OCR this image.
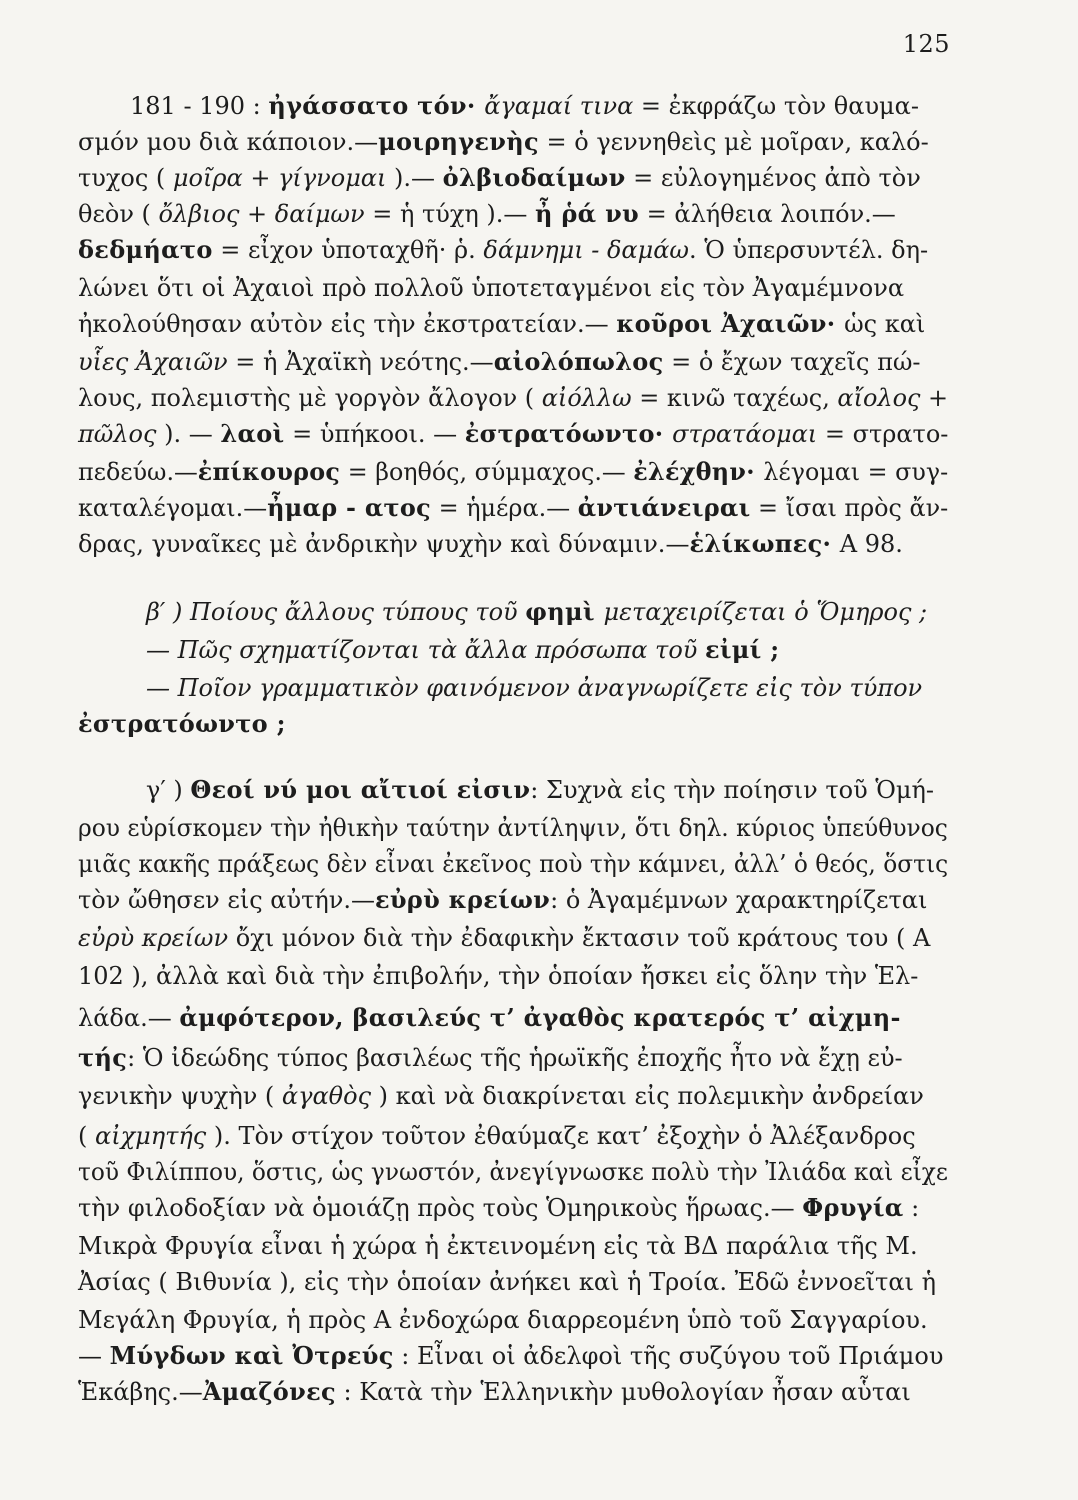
125
181 - 190 : ἠγάσσατο τόν· ἄγαμαί τινα = ἐκφράζω τὸν θαυμα-
σμόν μου διὰ κάποιον.—μοιρηγενὴς = ὁ γεννηθεὶς μὲ μοῖραν, καλό-
τυχος ( μοῖρα + γίγνομαι ).— ὀλβιοδαίμων = εὐλογημένος ἀπὸ τὸν
θεὸν ( ὄλβιος + δαίμων = ἡ τύχη ).— ἦ ῥά νυ = ἀλήθεια λοιπόν.—
δεδμήατο = εἶχον ὑποταχθῆ· ῥ. δάμνημι - δαμάω. Ὁ ὑπερσυντέλ. δη-
λώνει ὅτι οἱ Ἀχαιοὶ πρὸ πολλοῦ ὑποτεταγμένοι εἰς τὸν Ἀγαμέμνονα
ἠκολούθησαν αὐτὸν εἰς τὴν ἐκστρατείαν.— κοῦροι Ἀχαιῶν· ὡς καὶ
υἷες Ἀχαιῶν = ἡ Ἀχαϊκὴ νεότης.—αἰολόπωλος = ὁ ἔχων ταχεῖς πώ-
λους, πολεμιστὴς μὲ γοργὸν ἄλογον ( αἰόλλω = κινῶ ταχέως, αἴολος +
πῶλος ). — λαοὶ = ὑπήκοοι. — ἐστρατόωντο· στρατάομαι = στρατο-
πεδεύω.—ἐπίκουρος = βοηθός, σύμμαχος.— ἐλέχθην· λέγομαι = συγ-
καταλέγομαι.—ἦμαρ - ατος = ἡμέρα.— ἀντιάνειραι = ἴσαι πρὸς ἄν-
δρας, γυναῖκες μὲ ἀνδρικὴν ψυχὴν καὶ δύναμιν.—ἑλίκωπες· Α 98.
β′ ) Ποίους ἄλλους τύπους τοῦ φημὶ μεταχειρίζεται ὁ Ὅμηρος ;
— Πῶς σχηματίζονται τὰ ἄλλα πρόσωπα τοῦ εἰμί ;
— Ποῖον γραμματικὸν φαινόμενον ἀναγνωρίζετε εἰς τὸν τύπον
ἐστρατόωντο ;
γ′ ) Θεοί νύ μοι αἴτιοί εἰσιν: Συχνὰ εἰς τὴν ποίησιν τοῦ Ὁμή-
ρου εὑρίσκομεν τὴν ἠθικὴν ταύτην ἀντίληψιν, ὅτι δηλ. κύριος ὑπεύθυνος
μιᾶς κακῆς πράξεως δὲν εἶναι ἐκεῖνος ποὺ τὴν κάμνει, ἀλλ’ ὁ θεός, ὅστις
τὸν ὤθησεν εἰς αὐτήν.—εὐρὺ κρείων: ὁ Ἀγαμέμνων χαρακτηρίζεται
εὐρὺ κρείων ὄχι μόνον διὰ τὴν ἐδαφικὴν ἔκτασιν τοῦ κράτους του ( Α
102 ), ἀλλὰ καὶ διὰ τὴν ἐπιβολήν, τὴν ὁποίαν ἤσκει εἰς ὅλην τὴν Ἑλ-
λάδα.— ἀμφότερον, βασιλεύς τ’ ἀγαθὸς κρατερός τ’ αἰχμη-
τής: Ὁ ἰδεώδης τύπος βασιλέως τῆς ἡρωϊκῆς ἐποχῆς ἦτο νὰ ἔχῃ εὐ-
γενικὴν ψυχὴν ( ἀγαθὸς ) καὶ νὰ διακρίνεται εἰς πολεμικὴν ἀνδρείαν
( αἰχμητής ). Τὸν στίχον τοῦτον ἐθαύμαζε κατ’ ἐξοχὴν ὁ Ἀλέξανδρος
τοῦ Φιλίππου, ὅστις, ὡς γνωστόν, ἀνεγίγνωσκε πολὺ τὴν Ἰλιάδα καὶ εἶχε
τὴν φιλοδοξίαν νὰ ὁμοιάζῃ πρὸς τοὺς Ὁμηρικοὺς ἥρωας.— Φρυγία :
Μικρὰ Φρυγία εἶναι ἡ χώρα ἡ ἐκτεινομένη εἰς τὰ ΒΔ παράλια τῆς Μ.
Ἀσίας ( Βιθυνία ), εἰς τὴν ὁποίαν ἀνήκει καὶ ἡ Τροία. Ἐδῶ ἐννοεῖται ἡ
Μεγάλη Φρυγία, ἡ πρὸς Α ἐνδοχώρα διαρρεομένη ὑπὸ τοῦ Σαγγαρίου.
— Μύγδων καὶ Ὀτρεύς : Εἶναι οἱ ἀδελφοὶ τῆς συζύγου τοῦ Πριάμου
Ἑκάβης.—Ἀμαζόνες : Κατὰ τὴν Ἑλληνικὴν μυθολογίαν ἦσαν αὗται
